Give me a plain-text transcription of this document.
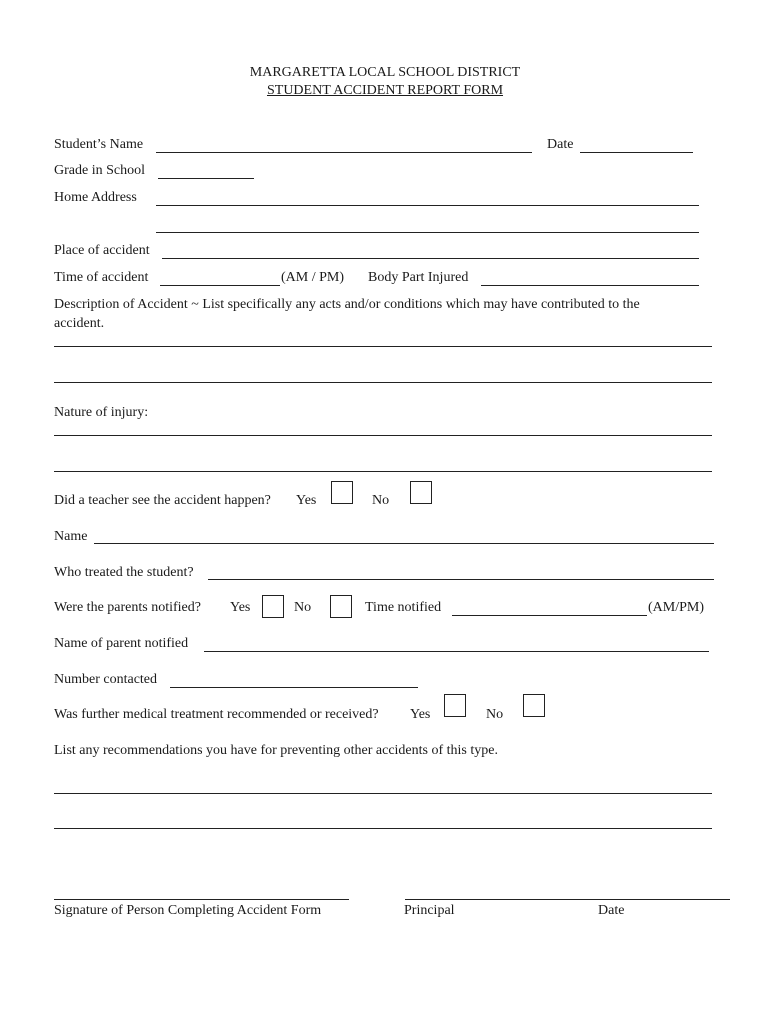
MARGARETTA LOCAL SCHOOL DISTRICT
STUDENT ACCIDENT REPORT FORM
Student’s Name	Date
Grade in School
Home Address
Place of accident
Time of accident	(AM / PM) Body Part Injured
Description of Accident ~ List specifically any acts and/or conditions which may have contributed to the
accident.
Nature of injury:
Did a teacher see the accident happen? Yes	No
Name
Who treated the student?
Were the parents notified? Yes	No	Time notified	(AM/PM)
Name of parent notified
Number contacted
Was further medical treatment recommended or received? Yes	No
List any recommendations you have for preventing other accidents of this type.
Signature of Person Completing Accident Form	Principal	Date
